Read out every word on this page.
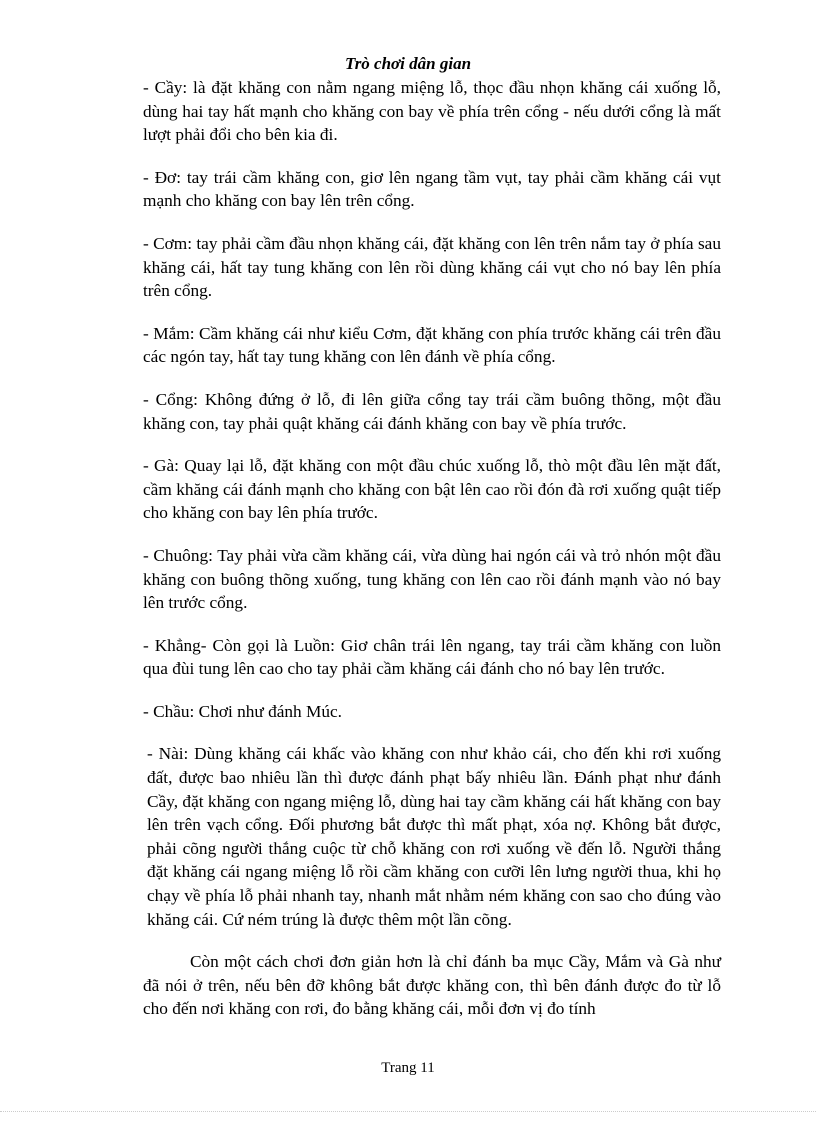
Trò chơi dân gian

- Cầy: là đặt khăng con nằm ngang miệng lỗ, thọc đầu nhọn khăng cái xuống lỗ, dùng hai tay hất mạnh cho khăng con bay về phía trên cổng - nếu dưới cổng là mất lượt phải đổi cho bên kia đi.

- Đơ: tay trái cầm khăng con, giơ lên ngang tầm vụt, tay phải cầm khăng cái vụt mạnh cho khăng con bay lên trên cổng.

- Cơm: tay phải cầm đầu nhọn khăng cái, đặt khăng con lên trên nắm tay ở phía sau khăng cái, hất tay tung khăng con lên rồi dùng khăng cái vụt cho nó bay lên phía trên cổng.

- Mắm: Cầm khăng cái như kiểu Cơm, đặt khăng con phía trước khăng cái trên đầu các ngón tay, hất tay tung khăng con lên đánh về phía cổng.

- Cổng: Không đứng ở lỗ, đi lên giữa cổng tay trái cầm buông thõng, một đầu khăng con, tay phải quật khăng cái đánh khăng con bay về phía trước.

- Gà: Quay lại lỗ, đặt khăng con một đầu chúc xuống lỗ, thò một đầu lên mặt đất, cầm khăng cái đánh mạnh cho khăng con bật lên cao rồi đón đà rơi xuống quật tiếp cho khăng con bay lên phía trước.

- Chuông: Tay phải vừa cầm khăng cái, vừa dùng hai ngón cái và trỏ nhón một đầu khăng con buông thõng xuống, tung khăng con lên cao rồi đánh mạnh vào nó bay lên trước cổng.

- Khẳng- Còn gọi là Luồn: Giơ chân trái lên ngang, tay trái cầm khăng con luồn qua đùi tung lên cao cho tay phải cầm khăng cái đánh cho nó bay lên trước.

- Chầu: Chơi như đánh Múc.

- Nài: Dùng khăng cái khấc vào khăng con như khảo cái, cho đến khi rơi xuống đất, được bao nhiêu lần thì được đánh phạt bấy nhiêu lần. Đánh phạt như đánh Cầy, đặt khăng con ngang miệng lỗ, dùng hai tay cầm khăng cái hất khăng con bay lên trên vạch cổng. Đối phương bắt được thì mất phạt, xóa nợ. Không bắt được, phải cõng người thắng cuộc từ chỗ khăng con rơi xuống về đến lỗ. Người thắng đặt khăng cái ngang miệng lỗ rồi cầm khăng con cưỡi lên lưng người thua, khi họ chạy về phía lỗ phải nhanh tay, nhanh mắt nhằm ném khăng con sao cho đúng vào khăng cái. Cứ ném trúng là được thêm một lần cõng.

Còn một cách chơi đơn giản hơn là chỉ đánh ba mục Cầy, Mắm và Gà như đã nói ở trên, nếu bên đỡ không bắt được khăng con, thì bên đánh được đo từ lỗ cho đến nơi khăng con rơi, đo bằng khăng cái, mỗi đơn vị đo tính

Trang 11
